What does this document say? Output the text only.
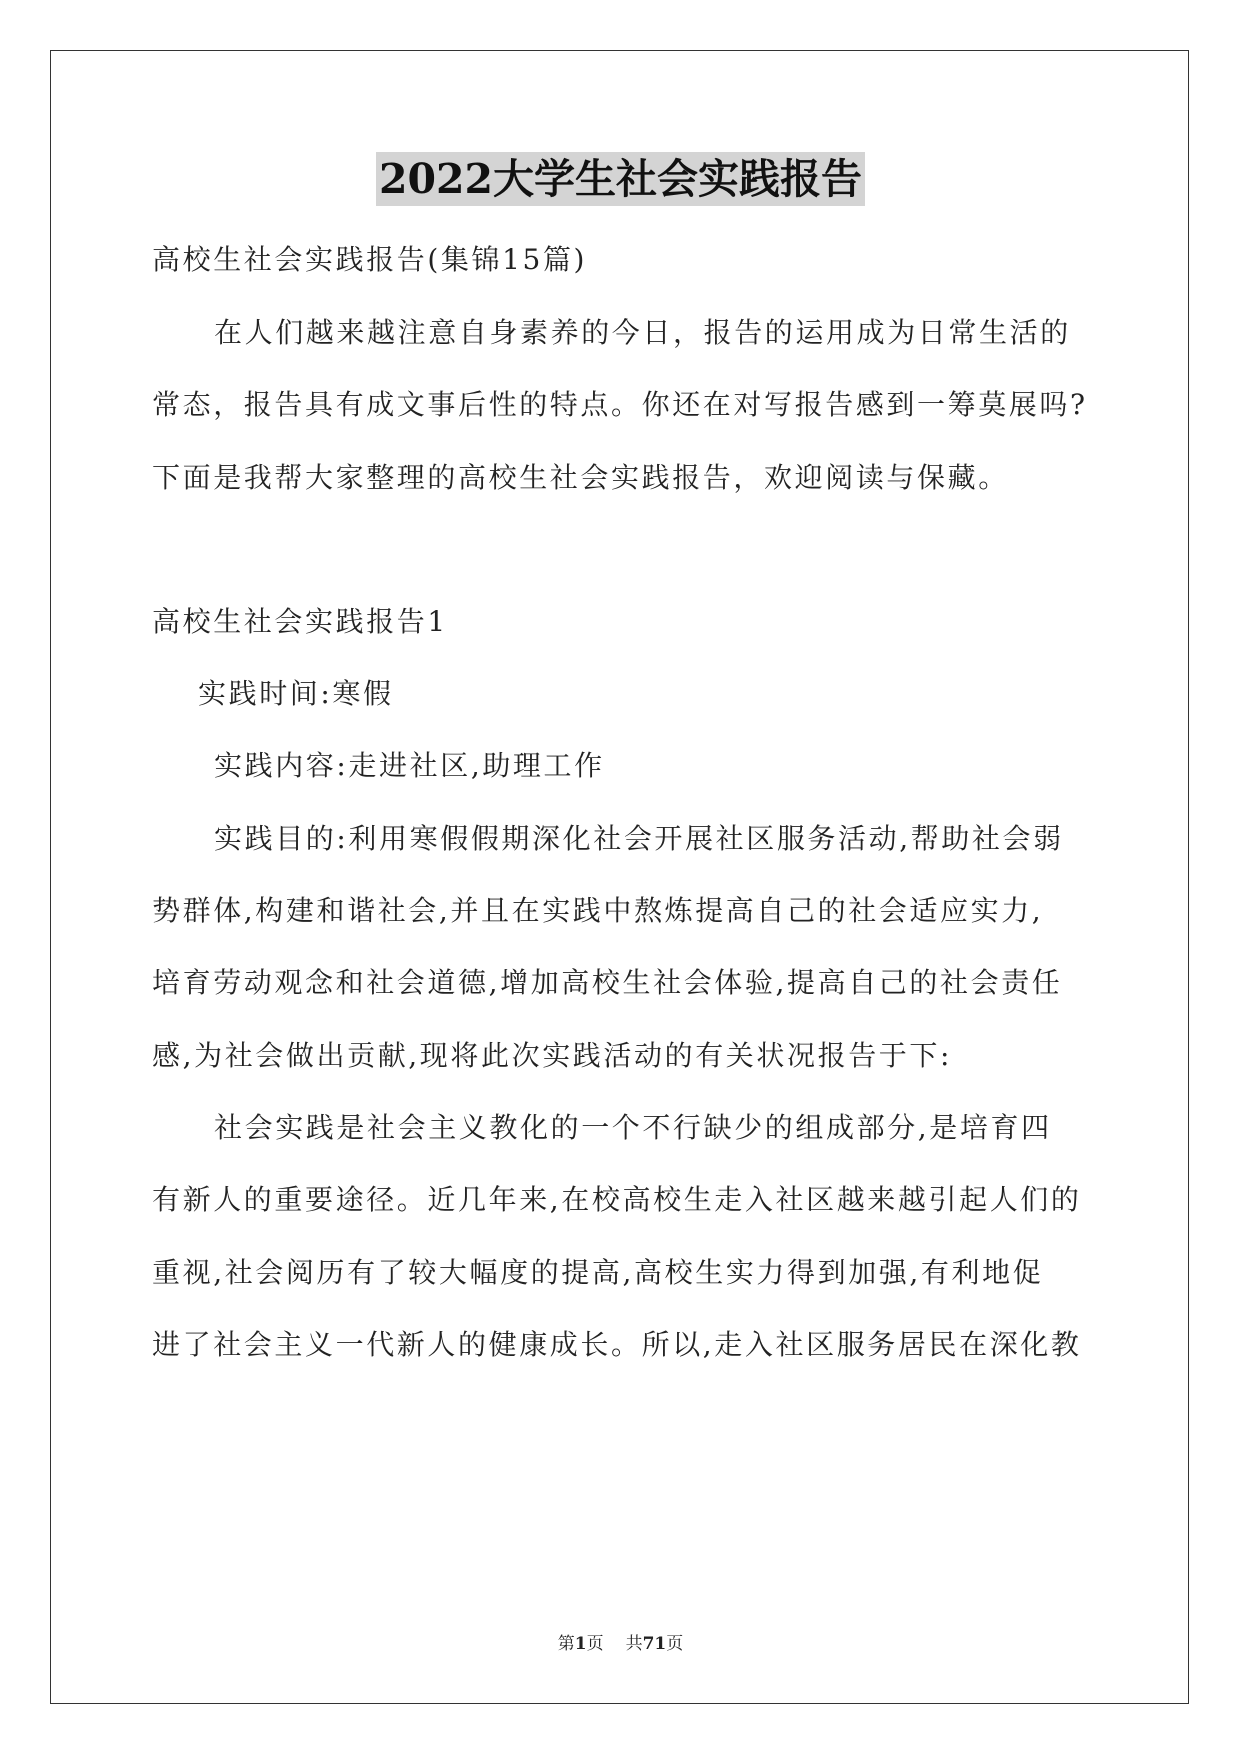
2022大学生社会实践报告
高校生社会实践报告(集锦15篇)
在人们越来越注意自身素养的今日，报告的运用成为日常生活的
常态，报告具有成文事后性的特点。你还在对写报告感到一筹莫展吗?
下面是我帮大家整理的高校生社会实践报告，欢迎阅读与保藏。
高校生社会实践报告1
实践时间:寒假
实践内容:走进社区,助理工作
实践目的:利用寒假假期深化社会开展社区服务活动,帮助社会弱
势群体,构建和谐社会,并且在实践中熬炼提高自己的社会适应实力,
培育劳动观念和社会道德,增加高校生社会体验,提高自己的社会责任
感,为社会做出贡献,现将此次实践活动的有关状况报告于下:
社会实践是社会主义教化的一个不行缺少的组成部分,是培育四
有新人的重要途径。近几年来,在校高校生走入社区越来越引起人们的
重视,社会阅历有了较大幅度的提高,高校生实力得到加强,有利地促
进了社会主义一代新人的健康成长。所以,走入社区服务居民在深化教
第1页 共71页
